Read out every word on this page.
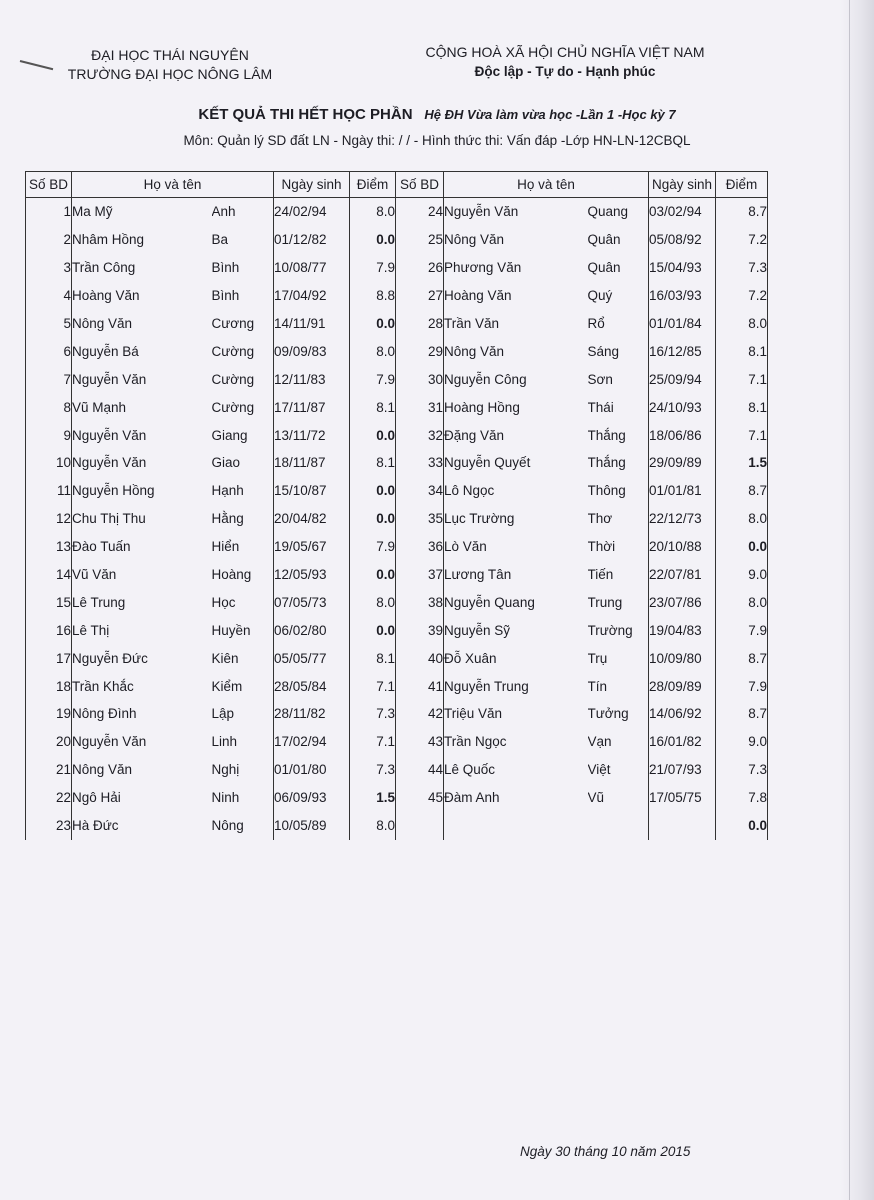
ĐẠI HỌC THÁI NGUYÊN
TRƯỜNG ĐẠI HỌC NÔNG LÂM
CỘNG HOÀ XÃ HỘI CHỦ NGHĨA VIỆT NAM
Độc lập - Tự do - Hạnh phúc
KẾT QUẢ THI HẾT HỌC PHẦN Hệ ĐH Vừa làm vừa học -Lần 1 -Học kỳ 7
Môn: Quản lý SD đất LN - Ngày thi: / / - Hình thức thi: Vấn đáp -Lớp HN-LN-12CBQL
Số BD	Họ và tên		Ngày sinh	Điểm	Số BD	Họ và tên		Ngày sinh	Điểm
1	Ma Mỹ	Anh	24/02/94	8.0	24	Nguyễn Văn	Quang	03/02/94	8.7
2	Nhâm Hồng	Ba	01/12/82	0.0	25	Nông Văn	Quân	05/08/92	7.2
3	Trần Công	Bình	10/08/77	7.9	26	Phương Văn	Quân	15/04/93	7.3
4	Hoàng Văn	Bình	17/04/92	8.8	27	Hoàng Văn	Quý	16/03/93	7.2
5	Nông Văn	Cương	14/11/91	0.0	28	Trần Văn	Rổ	01/01/84	8.0
6	Nguyễn Bá	Cường	09/09/83	8.0	29	Nông Văn	Sáng	16/12/85	8.1
7	Nguyễn Văn	Cường	12/11/83	7.9	30	Nguyễn Công	Sơn	25/09/94	7.1
8	Vũ Mạnh	Cường	17/11/87	8.1	31	Hoàng Hồng	Thái	24/10/93	8.1
9	Nguyễn Văn	Giang	13/11/72	0.0	32	Đặng Văn	Thắng	18/06/86	7.1
10	Nguyễn Văn	Giao	18/11/87	8.1	33	Nguyễn Quyết	Thắng	29/09/89	1.5
11	Nguyễn Hồng	Hạnh	15/10/87	0.0	34	Lô Ngọc	Thông	01/01/81	8.7
12	Chu Thị Thu	Hằng	20/04/82	0.0	35	Lục Trường	Thơ	22/12/73	8.0
13	Đào Tuấn	Hiển	19/05/67	7.9	36	Lò Văn	Thời	20/10/88	0.0
14	Vũ Văn	Hoàng	12/05/93	0.0	37	Lương Tân	Tiến	22/07/81	9.0
15	Lê Trung	Học	07/05/73	8.0	38	Nguyễn Quang	Trung	23/07/86	8.0
16	Lê Thị	Huyền	06/02/80	0.0	39	Nguyễn Sỹ	Trường	19/04/83	7.9
17	Nguyễn Đức	Kiên	05/05/77	8.1	40	Đỗ Xuân	Trụ	10/09/80	8.7
18	Trần Khắc	Kiểm	28/05/84	7.1	41	Nguyễn Trung	Tín	28/09/89	7.9
19	Nông Đình	Lập	28/11/82	7.3	42	Triệu Văn	Tưởng	14/06/92	8.7
20	Nguyễn Văn	Linh	17/02/94	7.1	43	Trần Ngọc	Vạn	16/01/82	9.0
21	Nông Văn	Nghị	01/01/80	7.3	44	Lê Quốc	Việt	21/07/93	7.3
22	Ngô Hải	Ninh	06/09/93	1.5	45	Đàm Anh	Vũ	17/05/75	7.8
23	Hà Đức	Nông	10/05/89	8.0					0.0
Ngày 30 tháng 10 năm 2015
